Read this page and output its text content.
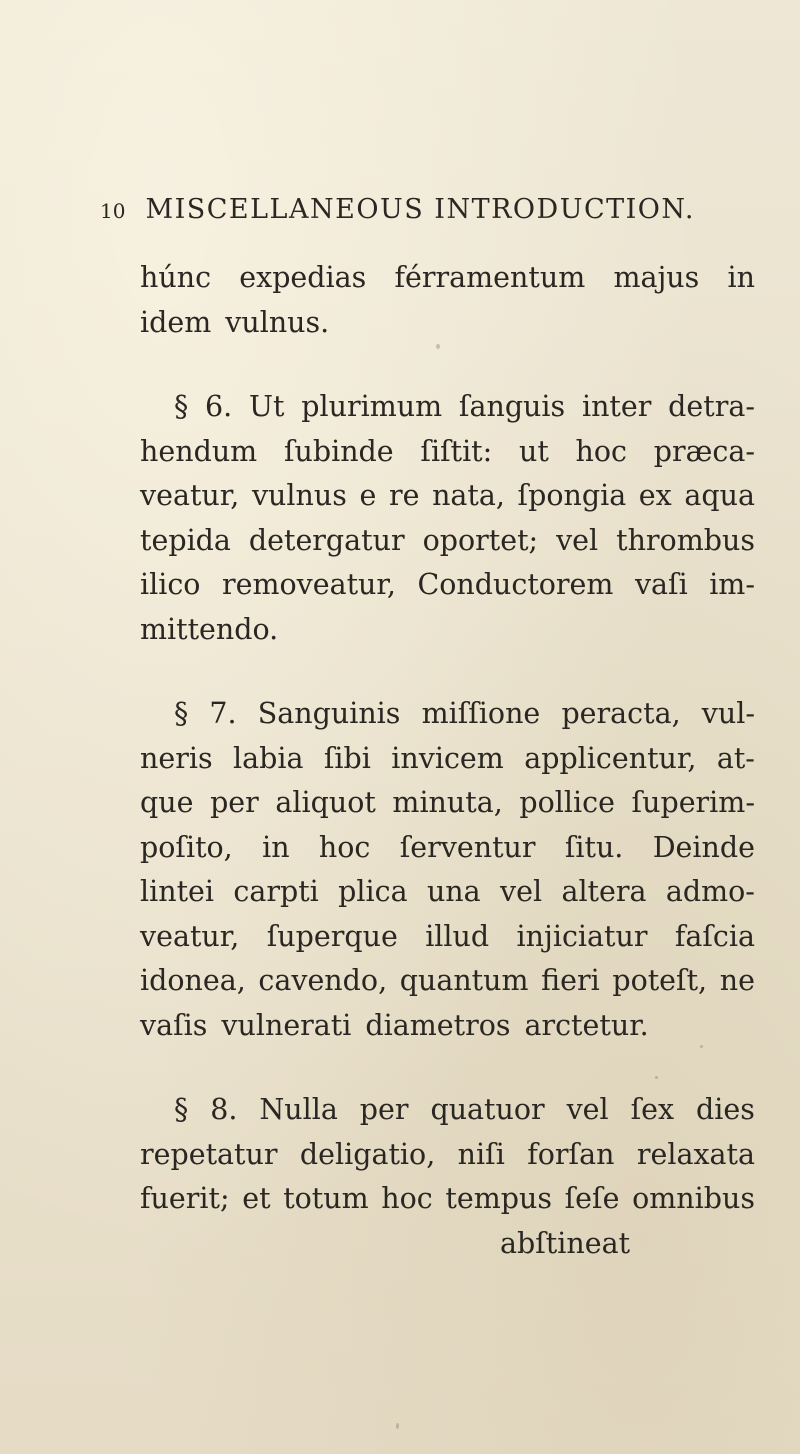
10 MISCELLANEOUS INTRODUCTION.
húnc expedias férramentum majus in
idem vulnus.
§ 6. Ut plurimum ſanguis inter detra-
hendum ſubinde ſiſtit: ut hoc præca-
veatur, vulnus e re nata, ſpongia ex aqua
tepida detergatur oportet; vel thrombus
ilico removeatur, Conductorem vaſi im-
mittendo.
§ 7. Sanguinis miſſione peracta, vul-
neris labia ſibi invicem applicentur, at-
que per aliquot minuta, pollice ſuperim-
poſito, in hoc ſerventur ſitu. Deinde
lintei carpti plica una vel altera admo-
veatur, ſuperque illud injiciatur faſcia
idonea, cavendo, quantum fieri poteſt, ne
vaſis vulnerati diametros arctetur.
§ 8. Nulla per quatuor vel ſex dies
repetatur deligatio, niſi forſan relaxata
fuerit; et totum hoc tempus ſeſe omnibus
abſtineat
